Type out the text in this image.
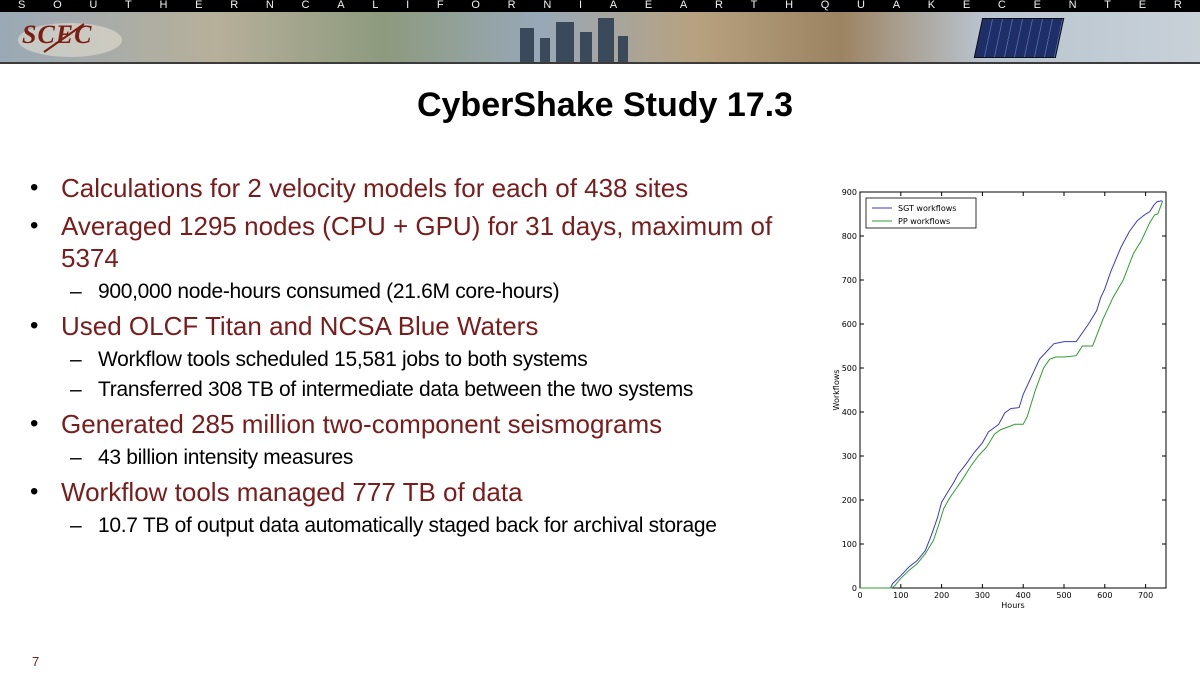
S	O	U	T	H	E	R	N	C	A	L	I	F	O	R	N	I	A	E	A	R	T	H	Q	U	A	K	E	C	E	N	T	E	R
SCEC
CyberShake Study 17.3
• Calculations for 2 velocity models for each of 438 sites
• Averaged 1295 nodes (CPU + GPU) for 31 days, maximum of 5374
– 900,000 node-hours consumed (21.6M core-hours)
• Used OLCF Titan and NCSA Blue Waters
– Workflow tools scheduled 15,581 jobs to both systems
– Transferred 308 TB of intermediate data between the two systems
• Generated 285 million two-component seismograms
– 43 billion intensity measures
• Workflow tools managed 777 TB of data
– 10.7 TB of output data automatically staged back for archival storage
0	100	200	300	400	500	600	700
0
100
200
300
400
500
600
700
800
900
Hours
Workflows
SGT workflows
PP workflows
7
